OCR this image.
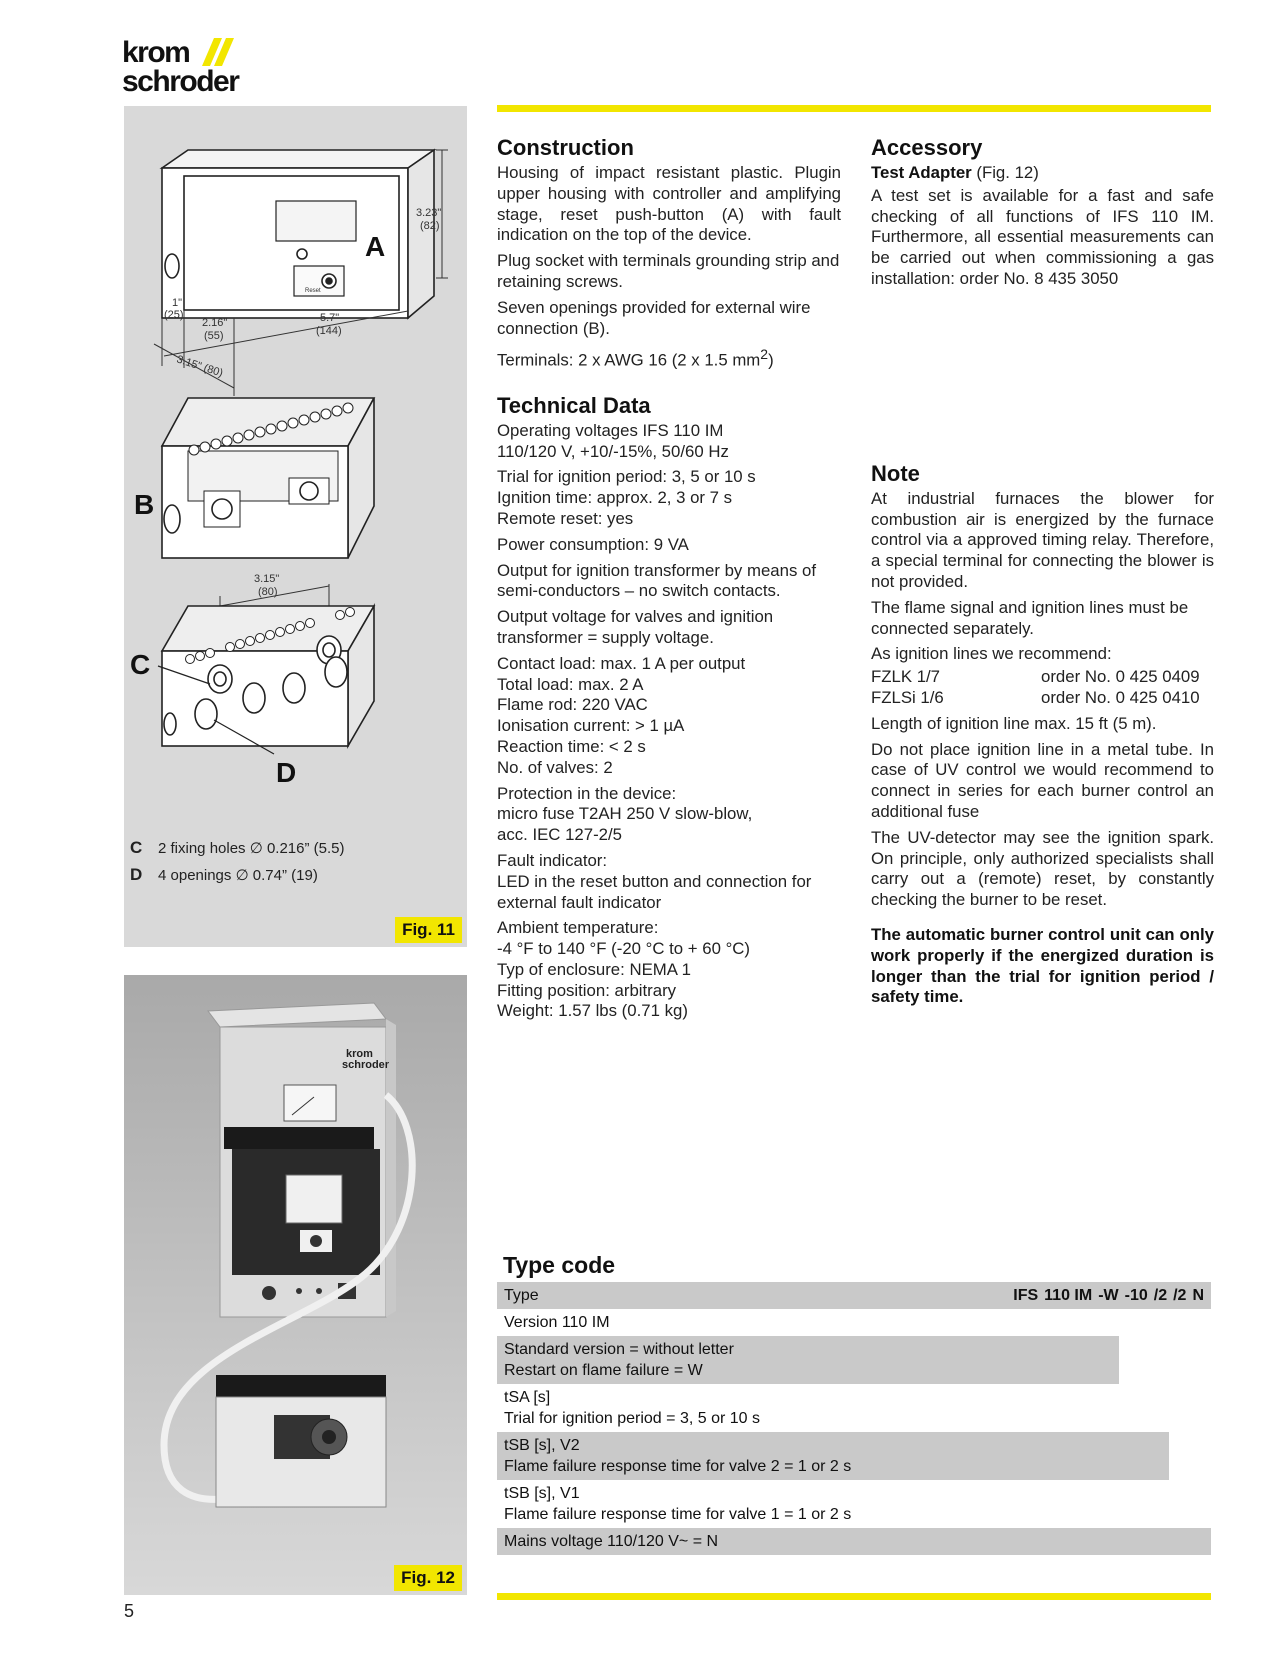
krom
schroder
3.23"
(82)
A
Reset
1"
(25)
2.16"
(55)
5.7"
(144)
3.15" (80)
B
3.15"
(80)
C
D
C 2 fixing holes ∅ 0.216” (5.5)
D 4 openings ∅ 0.74” (19)
Fig. 11
krom
schroder
Fig. 12
Construction

Housing of impact resistant plastic. Plugin upper housing with controller and amplifying stage, reset push-button (A) with fault indication on the top of the device.

Plug socket with terminals grounding strip and retaining screws.

Seven openings provided for external wire connection (B).

Terminals: 2 x AWG 16 (2 x 1.5 $mm^2$)

Technical Data

Operating voltages IFS 110 IM
110/120 V, +10/-15%, 50/60 Hz

Trial for ignition period: 3, 5 or 10 s
Ignition time: approx. 2, 3 or 7 s
Remote reset: yes

Power consumption: 9 VA

Output for ignition transformer by means of semi-conductors – no switch contacts.

Output voltage for valves and ignition transformer = supply voltage.

Contact load: max. 1 A per output
Total load: max. 2 A
Flame rod: 220 VAC
Ionisation current: > 1 µA
Reaction time: < 2 s
No. of valves: 2

Protection in the device:
micro fuse T2AH 250 V slow-blow,
acc. IEC 127-2/5

Fault indicator:
LED in the reset button and connection for external fault indicator

Ambient temperature:
-4 °F to 140 °F (-20 °C to + 60 °C)
Typ of enclosure: NEMA 1
Fitting position: arbitrary
Weight: 1.57 lbs (0.71 kg)

Accessory

Test Adapter (Fig. 12)

A test set is available for a fast and safe checking of all functions of IFS 110 IM. Furthermore, all essential measurements can be carried out when commissioning a gas installation: order No. 8 435 3050

Note

At industrial furnaces the blower for combustion air is energized by the furnace control via a approved timing relay. Therefore, a special terminal for connecting the blower is not provided.

The flame signal and ignition lines must be connected separately.

As ignition lines we recommend:

FZLK 1/7	order No. 0 425 0409
FZLSi 1/6	order No. 0 425 0410

Length of ignition line max. 15 ft (5 m).

Do not place ignition line in a metal tube. In case of UV control we would recommend to connect in series for each burner control an additional fuse

The UV-detector may see the ignition spark. On principle, only authorized specialists shall carry out a (remote) reset, by constantly checking the burner to be reset.

The automatic burner control unit can only work properly if the energized duration is longer than the trial for ignition period / safety time.

Type code
Type	IFS 110 IM -W -10 /2 /2 N
Version 110 IM
Standard version = without letter
Restart on flame failure = W
tSA [s]
Trial for ignition period = 3, 5 or 10 s
tSB [s], V2
Flame failure response time for valve 2 = 1 or 2 s
tSB [s], V1
Flame failure response time for valve 1 = 1 or 2 s
Mains voltage 110/120 V~ = N
5
